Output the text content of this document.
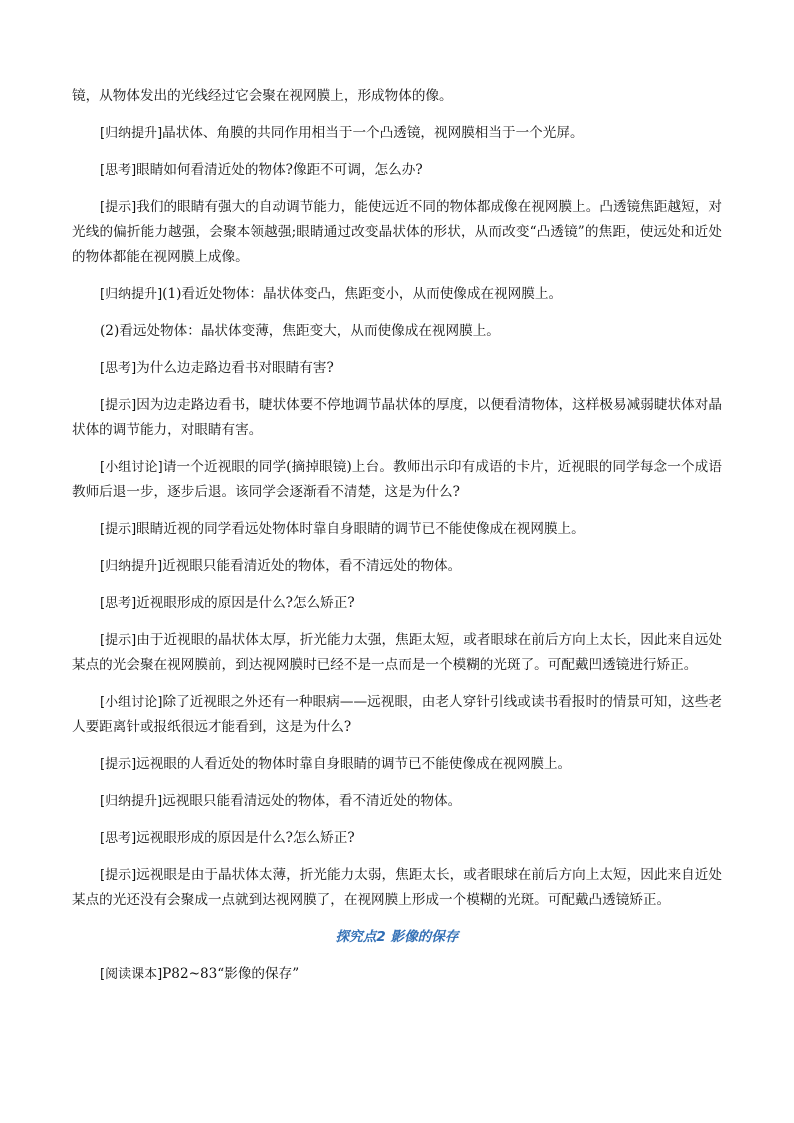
镜，从物体发出的光线经过它会聚在视网膜上，形成物体的像。

[归纳提升]晶状体、角膜的共同作用相当于一个凸透镜，视网膜相当于一个光屏。

[思考]眼睛如何看清近处的物体?像距不可调，怎么办?

[提示]我们的眼睛有强大的自动调节能力，能使远近不同的物体都成像在视网膜上。凸透镜焦距越短，对光线的偏折能力越强，会聚本领越强;眼睛通过改变晶状体的形状，从而改变“凸透镜”的焦距，使远处和近处的物体都能在视网膜上成像。

[归纳提升](1)看近处物体：晶状体变凸，焦距变小，从而使像成在视网膜上。

(2)看远处物体：晶状体变薄，焦距变大，从而使像成在视网膜上。

[思考]为什么边走路边看书对眼睛有害?

[提示]因为边走路边看书，睫状体要不停地调节晶状体的厚度，以便看清物体，这样极易减弱睫状体对晶状体的调节能力，对眼睛有害。

[小组讨论]请一个近视眼的同学(摘掉眼镜)上台。教师出示印有成语的卡片，近视眼的同学每念一个成语教师后退一步，逐步后退。该同学会逐渐看不清楚，这是为什么?

[提示]眼睛近视的同学看远处物体时靠自身眼睛的调节已不能使像成在视网膜上。

[归纳提升]近视眼只能看清近处的物体，看不清远处的物体。

[思考]近视眼形成的原因是什么?怎么矫正?

[提示]由于近视眼的晶状体太厚，折光能力太强，焦距太短，或者眼球在前后方向上太长，因此来自远处某点的光会聚在视网膜前，到达视网膜时已经不是一点而是一个模糊的光斑了。可配戴凹透镜进行矫正。

[小组讨论]除了近视眼之外还有一种眼病——远视眼，由老人穿针引线或读书看报时的情景可知，这些老人要距离针或报纸很远才能看到，这是为什么?

[提示]远视眼的人看近处的物体时靠自身眼睛的调节已不能使像成在视网膜上。

[归纳提升]远视眼只能看清远处的物体，看不清近处的物体。

[思考]远视眼形成的原因是什么?怎么矫正?

[提示]远视眼是由于晶状体太薄，折光能力太弱，焦距太长，或者眼球在前后方向上太短，因此来自近处某点的光还没有会聚成一点就到达视网膜了，在视网膜上形成一个模糊的光斑。可配戴凸透镜矫正。

探究点2 影像的保存

[阅读课本]P82~83“影像的保存”
